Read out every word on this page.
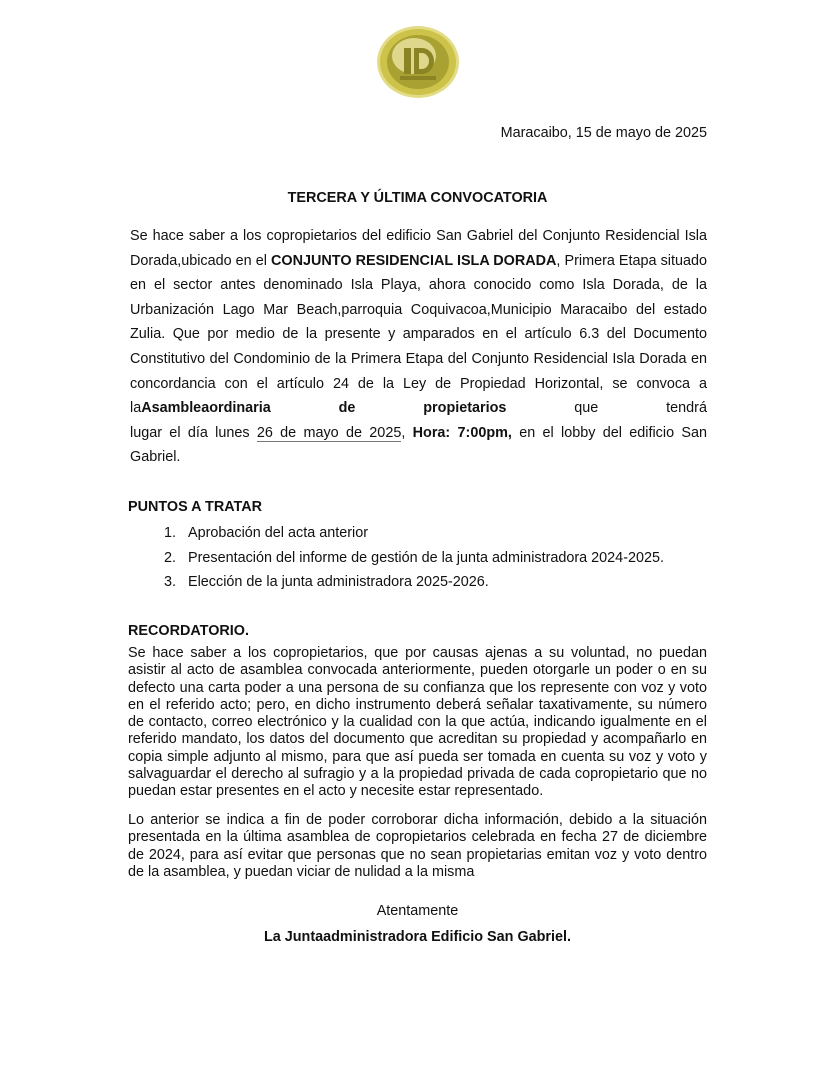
Maracaibo, 15 de mayo de 2025
TERCERA Y ÚLTIMA CONVOCATORIA
Se hace saber a los copropietarios del edificio San Gabriel del Conjunto Residencial Isla Dorada,ubicado en el CONJUNTO RESIDENCIAL ISLA DORADA, Primera Etapa situado en el sector antes denominado Isla Playa, ahora conocido como Isla Dorada, de la Urbanización Lago Mar Beach,parroquia Coquivacoa,Municipio Maracaibo del estado Zulia. Que por medio de la presente y amparados en el artículo 6.3 del Documento Constitutivo del Condominio de la Primera Etapa del Conjunto Residencial Isla Dorada en concordancia con el artículo 24 de la Ley de Propiedad Horizontal, se convoca a
laAsambleaordinaria	de	propietarios	que	tendrá
lugar el día lunes 26 de mayo de 2025, Hora: 7:00pm, en el lobby del edificio San Gabriel.
PUNTOS A TRATAR
1. Aprobación del acta anterior
2. Presentación del informe de gestión de la junta administradora 2024-2025.
3. Elección de la junta administradora 2025-2026.
RECORDATORIO.

Se hace saber a los copropietarios, que por causas ajenas a su voluntad, no puedan asistir al acto de asamblea convocada anteriormente, pueden otorgarle un poder o en su defecto una carta poder a una persona de su confianza que los represente con voz y voto en el referido acto; pero, en dicho instrumento deberá señalar taxativamente, su número de contacto, correo electrónico y la cualidad con la que actúa, indicando igualmente en el referido mandato, los datos del documento que acreditan su propiedad y acompañarlo en copia simple adjunto al mismo, para que así pueda ser tomada en cuenta su voz y voto y salvaguardar el derecho al sufragio y a la propiedad privada de cada copropietario que no puedan estar presentes en el acto y necesite estar representado.

Lo anterior se indica a fin de poder corroborar dicha información, debido a la situación presentada en la última asamblea de copropietarios celebrada en fecha 27 de diciembre de 2024, para así evitar que personas que no sean propietarias emitan voz y voto dentro de la asamblea, y puedan viciar de nulidad a la misma

Atentamente
La Juntaadministradora Edificio San Gabriel.
